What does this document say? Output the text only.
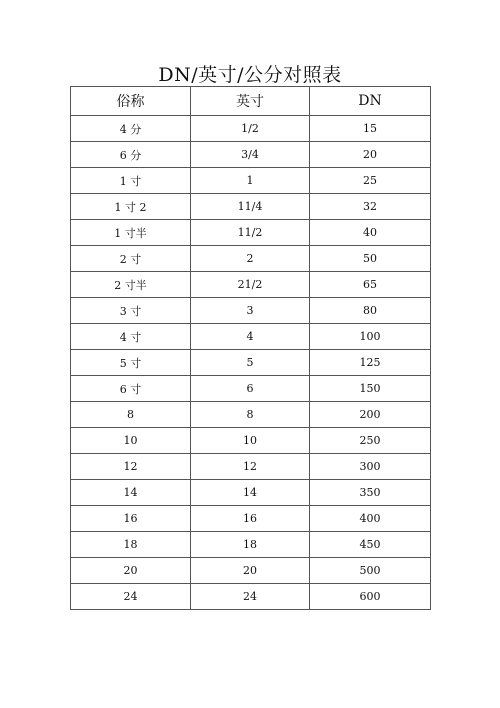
DN/英寸/公分对照表
俗称	英寸	DN
4 分	1/2	15
6 分	3/4	20
1 寸	1	25
1 寸 2	11/4	32
1 寸半	11/2	40
2 寸	2	50
2 寸半	21/2	65
3 寸	3	80
4 寸	4	100
5 寸	5	125
6 寸	6	150
8	8	200
10	10	250
12	12	300
14	14	350
16	16	400
18	18	450
20	20	500
24	24	600
